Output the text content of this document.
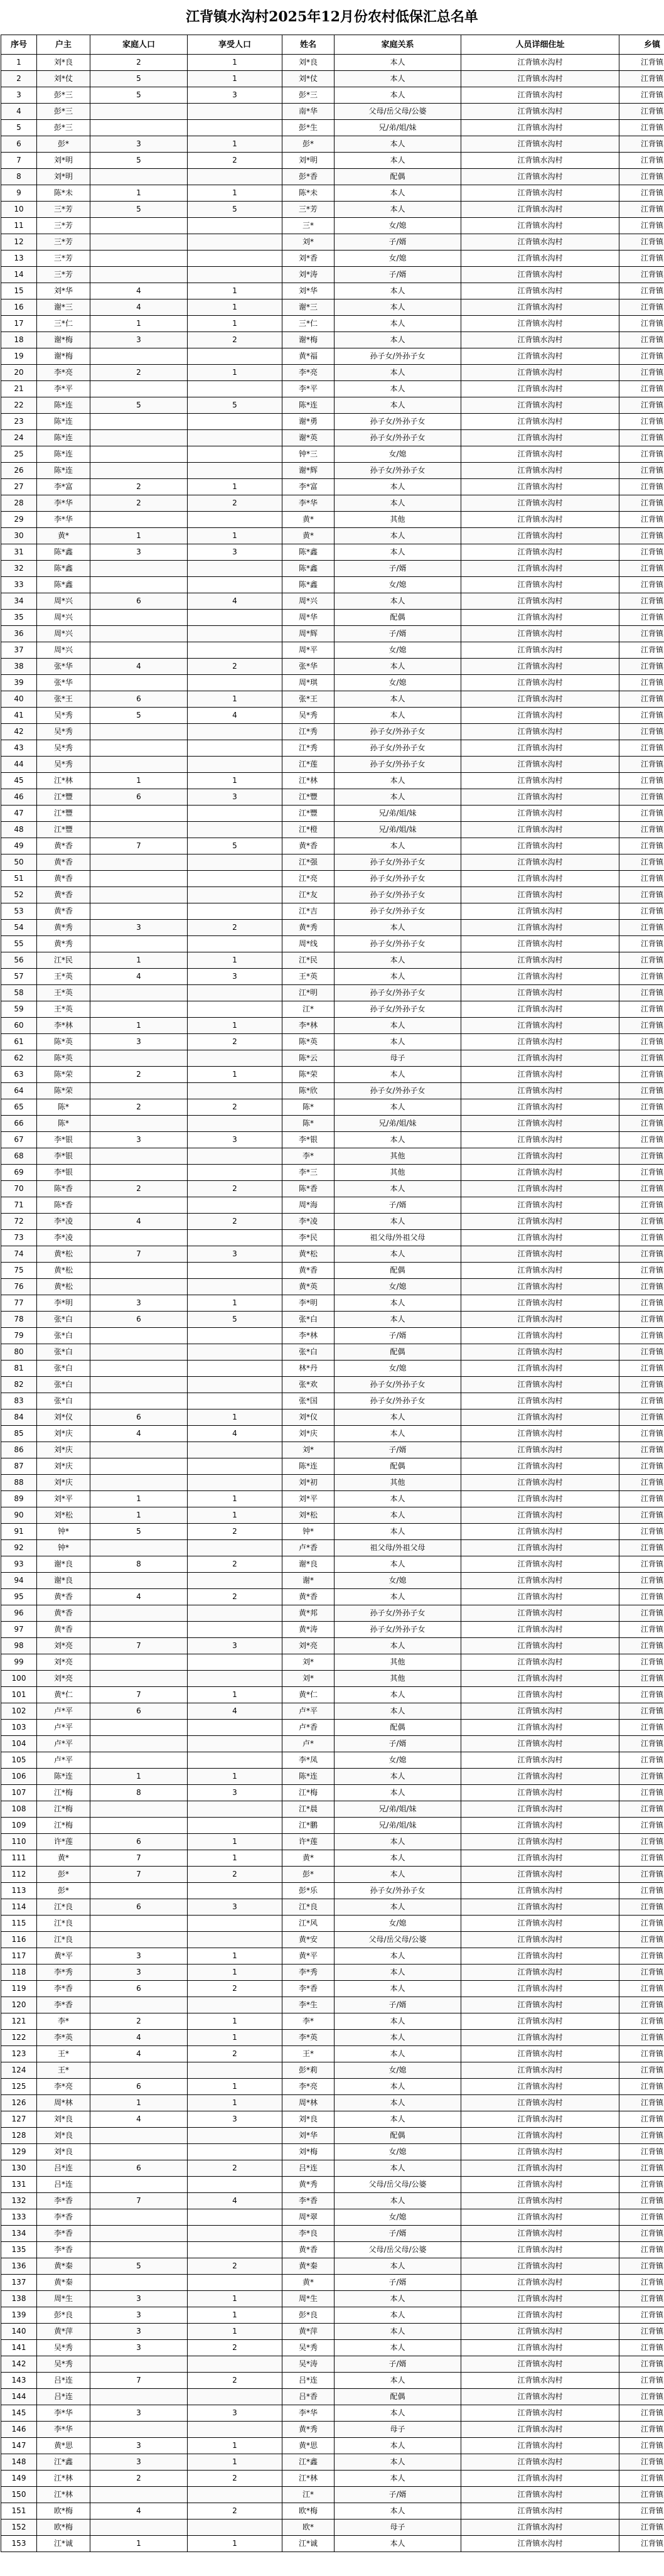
江背镇水沟村2025年12月份农村低保汇总名单
序号	户主	家庭人口	享受人口	姓名	家庭关系	人员详细住址	乡镇
1	刘*良	2	1	刘*良	本人	江背镇水沟村	江背镇
2	刘*仗	5	1	刘*仗	本人	江背镇水沟村	江背镇
3	彭*三	5	3	彭*三	本人	江背镇水沟村	江背镇
4	彭*三			南*华	父母/岳父母/公婆	江背镇水沟村	江背镇
5	彭*三			彭*生	兄/弟/姐/妹	江背镇水沟村	江背镇
6	彭*	3	1	彭*	本人	江背镇水沟村	江背镇
7	刘*明	5	2	刘*明	本人	江背镇水沟村	江背镇
8	刘*明			彭*香	配偶	江背镇水沟村	江背镇
9	陈*未	1	1	陈*未	本人	江背镇水沟村	江背镇
10	三*芳	5	5	三*芳	本人	江背镇水沟村	江背镇
11	三*芳			三*	女/媳	江背镇水沟村	江背镇
12	三*芳			刘*	子/婿	江背镇水沟村	江背镇
13	三*芳			刘*香	女/媳	江背镇水沟村	江背镇
14	三*芳			刘*涛	子/婿	江背镇水沟村	江背镇
15	刘*华	4	1	刘*华	本人	江背镇水沟村	江背镇
16	谢*三	4	1	谢*三	本人	江背镇水沟村	江背镇
17	三*仁	1	1	三*仁	本人	江背镇水沟村	江背镇
18	谢*梅	3	2	谢*梅	本人	江背镇水沟村	江背镇
19	谢*梅			黄*福	孙子女/外孙子女	江背镇水沟村	江背镇
20	李*亮	2	1	李*亮	本人	江背镇水沟村	江背镇
21	李*平			李*平	本人	江背镇水沟村	江背镇
22	陈*连	5	5	陈*连	本人	江背镇水沟村	江背镇
23	陈*连			谢*勇	孙子女/外孙子女	江背镇水沟村	江背镇
24	陈*连			谢*英	孙子女/外孙子女	江背镇水沟村	江背镇
25	陈*连			钟*三	女/媳	江背镇水沟村	江背镇
26	陈*连			谢*辉	孙子女/外孙子女	江背镇水沟村	江背镇
27	李*富	2	1	李*富	本人	江背镇水沟村	江背镇
28	李*华	2	2	李*华	本人	江背镇水沟村	江背镇
29	李*华			黄*	其他	江背镇水沟村	江背镇
30	黄*	1	1	黄*	本人	江背镇水沟村	江背镇
31	陈*鑫	3	3	陈*鑫	本人	江背镇水沟村	江背镇
32	陈*鑫			陈*鑫	子/婿	江背镇水沟村	江背镇
33	陈*鑫			陈*鑫	女/媳	江背镇水沟村	江背镇
34	周*兴	6	4	周*兴	本人	江背镇水沟村	江背镇
35	周*兴			周*华	配偶	江背镇水沟村	江背镇
36	周*兴			周*辉	子/婿	江背镇水沟村	江背镇
37	周*兴			周*平	女/媳	江背镇水沟村	江背镇
38	张*华	4	2	张*华	本人	江背镇水沟村	江背镇
39	张*华			周*琪	女/媳	江背镇水沟村	江背镇
40	张*王	6	1	张*王	本人	江背镇水沟村	江背镇
41	吴*秀	5	4	吴*秀	本人	江背镇水沟村	江背镇
42	吴*秀			江*秀	孙子女/外孙子女	江背镇水沟村	江背镇
43	吴*秀			江*秀	孙子女/外孙子女	江背镇水沟村	江背镇
44	吴*秀			江*莲	孙子女/外孙子女	江背镇水沟村	江背镇
45	江*林	1	1	江*林	本人	江背镇水沟村	江背镇
46	江*豐	6	3	江*豐	本人	江背镇水沟村	江背镇
47	江*豐			江*豐	兄/弟/姐/妹	江背镇水沟村	江背镇
48	江*豐			江*橙	兄/弟/姐/妹	江背镇水沟村	江背镇
49	黄*香	7	5	黄*香	本人	江背镇水沟村	江背镇
50	黄*香			江*强	孙子女/外孙子女	江背镇水沟村	江背镇
51	黄*香			江*亮	孙子女/外孙子女	江背镇水沟村	江背镇
52	黄*香			江*友	孙子女/外孙子女	江背镇水沟村	江背镇
53	黄*香			江*吉	孙子女/外孙子女	江背镇水沟村	江背镇
54	黄*秀	3	2	黄*秀	本人	江背镇水沟村	江背镇
55	黄*秀			周*线	孙子女/外孙子女	江背镇水沟村	江背镇
56	江*民	1	1	江*民	本人	江背镇水沟村	江背镇
57	王*英	4	3	王*英	本人	江背镇水沟村	江背镇
58	王*英			江*明	孙子女/外孙子女	江背镇水沟村	江背镇
59	王*英			江*	孙子女/外孙子女	江背镇水沟村	江背镇
60	李*林	1	1	李*林	本人	江背镇水沟村	江背镇
61	陈*英	3	2	陈*英	本人	江背镇水沟村	江背镇
62	陈*英			陈*云	母子	江背镇水沟村	江背镇
63	陈*荣	2	1	陈*荣	本人	江背镇水沟村	江背镇
64	陈*荣			陈*欣	孙子女/外孙子女	江背镇水沟村	江背镇
65	陈*	2	2	陈*	本人	江背镇水沟村	江背镇
66	陈*			陈*	兄/弟/姐/妹	江背镇水沟村	江背镇
67	李*银	3	3	李*银	本人	江背镇水沟村	江背镇
68	李*银			李*	其他	江背镇水沟村	江背镇
69	李*银			李*三	其他	江背镇水沟村	江背镇
70	陈*香	2	2	陈*香	本人	江背镇水沟村	江背镇
71	陈*香			周*海	子/婿	江背镇水沟村	江背镇
72	李*凌	4	2	李*凌	本人	江背镇水沟村	江背镇
73	李*凌			李*民	祖父母/外祖父母	江背镇水沟村	江背镇
74	黄*松	7	3	黄*松	本人	江背镇水沟村	江背镇
75	黄*松			黄*香	配偶	江背镇水沟村	江背镇
76	黄*松			黄*英	女/媳	江背镇水沟村	江背镇
77	李*明	3	1	李*明	本人	江背镇水沟村	江背镇
78	张*白	6	5	张*白	本人	江背镇水沟村	江背镇
79	张*白			李*林	子/婿	江背镇水沟村	江背镇
80	张*白			张*白	配偶	江背镇水沟村	江背镇
81	张*白			林*丹	女/媳	江背镇水沟村	江背镇
82	张*白			张*欢	孙子女/外孙子女	江背镇水沟村	江背镇
83	张*白			张*国	孙子女/外孙子女	江背镇水沟村	江背镇
84	刘*仪	6	1	刘*仪	本人	江背镇水沟村	江背镇
85	刘*庆	4	4	刘*庆	本人	江背镇水沟村	江背镇
86	刘*庆			刘*	子/婿	江背镇水沟村	江背镇
87	刘*庆			陈*连	配偶	江背镇水沟村	江背镇
88	刘*庆			刘*初	其他	江背镇水沟村	江背镇
89	刘*平	1	1	刘*平	本人	江背镇水沟村	江背镇
90	刘*松	1	1	刘*松	本人	江背镇水沟村	江背镇
91	钟*	5	2	钟*	本人	江背镇水沟村	江背镇
92	钟*			卢*香	祖父母/外祖父母	江背镇水沟村	江背镇
93	谢*良	8	2	谢*良	本人	江背镇水沟村	江背镇
94	谢*良			谢*	女/媳	江背镇水沟村	江背镇
95	黄*香	4	2	黄*香	本人	江背镇水沟村	江背镇
96	黄*香			黄*邦	孙子女/外孙子女	江背镇水沟村	江背镇
97	黄*香			黄*涛	孙子女/外孙子女	江背镇水沟村	江背镇
98	刘*亮	7	3	刘*亮	本人	江背镇水沟村	江背镇
99	刘*亮			刘*	其他	江背镇水沟村	江背镇
100	刘*亮			刘*	其他	江背镇水沟村	江背镇
101	黄*仁	7	1	黄*仁	本人	江背镇水沟村	江背镇
102	卢*平	6	4	卢*平	本人	江背镇水沟村	江背镇
103	卢*平			卢*香	配偶	江背镇水沟村	江背镇
104	卢*平			卢*	子/婿	江背镇水沟村	江背镇
105	卢*平			李*凤	女/媳	江背镇水沟村	江背镇
106	陈*连	1	1	陈*连	本人	江背镇水沟村	江背镇
107	江*梅	8	3	江*梅	本人	江背镇水沟村	江背镇
108	江*梅			江*晨	兄/弟/姐/妹	江背镇水沟村	江背镇
109	江*梅			江*鹏	兄/弟/姐/妹	江背镇水沟村	江背镇
110	许*莲	6	1	许*莲	本人	江背镇水沟村	江背镇
111	黄*	7	1	黄*	本人	江背镇水沟村	江背镇
112	彭*	7	2	彭*	本人	江背镇水沟村	江背镇
113	彭*			彭*乐	孙子女/外孙子女	江背镇水沟村	江背镇
114	江*良	6	3	江*良	本人	江背镇水沟村	江背镇
115	江*良			江*风	女/媳	江背镇水沟村	江背镇
116	江*良			黄*安	父母/岳父母/公婆	江背镇水沟村	江背镇
117	黄*平	3	1	黄*平	本人	江背镇水沟村	江背镇
118	李*秀	3	1	李*秀	本人	江背镇水沟村	江背镇
119	李*香	6	2	李*香	本人	江背镇水沟村	江背镇
120	李*香			李*生	子/婿	江背镇水沟村	江背镇
121	李*	2	1	李*	本人	江背镇水沟村	江背镇
122	李*英	4	1	李*英	本人	江背镇水沟村	江背镇
123	王*	4	2	王*	本人	江背镇水沟村	江背镇
124	王*			彭*莉	女/媳	江背镇水沟村	江背镇
125	李*亮	6	1	李*亮	本人	江背镇水沟村	江背镇
126	周*林	1	1	周*林	本人	江背镇水沟村	江背镇
127	刘*良	4	3	刘*良	本人	江背镇水沟村	江背镇
128	刘*良			刘*华	配偶	江背镇水沟村	江背镇
129	刘*良			刘*梅	女/媳	江背镇水沟村	江背镇
130	吕*连	6	2	吕*连	本人	江背镇水沟村	江背镇
131	吕*连			黄*秀	父母/岳父母/公婆	江背镇水沟村	江背镇
132	李*香	7	4	李*香	本人	江背镇水沟村	江背镇
133	李*香			周*翠	女/媳	江背镇水沟村	江背镇
134	李*香			李*良	子/婿	江背镇水沟村	江背镇
135	李*香			黄*香	父母/岳父母/公婆	江背镇水沟村	江背镇
136	黄*秦	5	2	黄*秦	本人	江背镇水沟村	江背镇
137	黄*秦			黄*	子/婿	江背镇水沟村	江背镇
138	周*生	3	1	周*生	本人	江背镇水沟村	江背镇
139	彭*良	3	1	彭*良	本人	江背镇水沟村	江背镇
140	黄*萍	3	1	黄*萍	本人	江背镇水沟村	江背镇
141	吴*秀	3	2	吴*秀	本人	江背镇水沟村	江背镇
142	吴*秀			吴*涛	子/婿	江背镇水沟村	江背镇
143	吕*连	7	2	吕*连	本人	江背镇水沟村	江背镇
144	吕*连			吕*香	配偶	江背镇水沟村	江背镇
145	李*华	3	3	李*华	本人	江背镇水沟村	江背镇
146	李*华			黄*秀	母子	江背镇水沟村	江背镇
147	黄*思	3	1	黄*思	本人	江背镇水沟村	江背镇
148	江*鑫	3	1	江*鑫	本人	江背镇水沟村	江背镇
149	江*林	2	2	江*林	本人	江背镇水沟村	江背镇
150	江*林			江*	子/婿	江背镇水沟村	江背镇
151	欧*梅	4	2	欧*梅	本人	江背镇水沟村	江背镇
152	欧*梅			欧*	母子	江背镇水沟村	江背镇
153	江*诚	1	1	江*诚	本人	江背镇水沟村	江背镇
